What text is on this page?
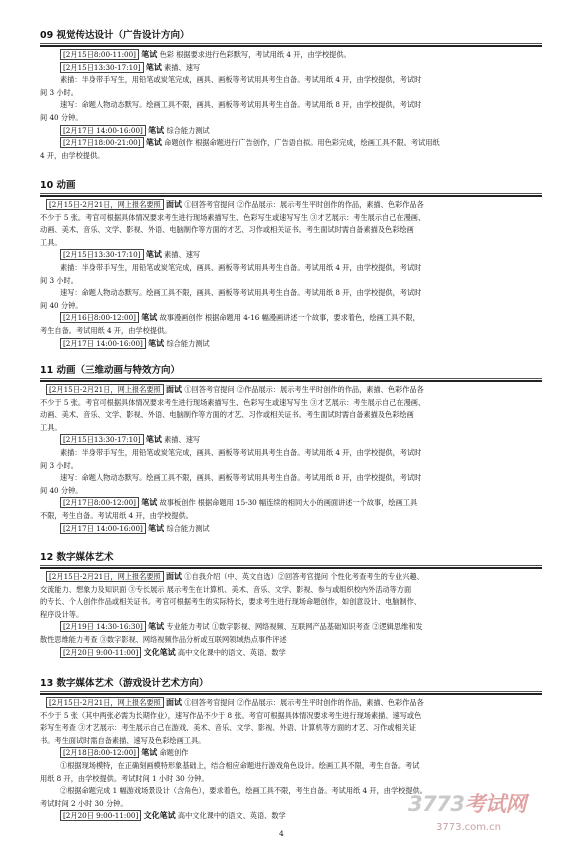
09 视觉传达设计（广告设计方向）
[2月15日8:00-11:00] 笔试 色彩 根据要求进行色彩默写，考试用纸 4 开，由学校提供。
[2月15日13:30-17:10] 笔试 素描、速写
素描：半身带手写生，用铅笔或炭笔完成，画具、画板等考试用具考生自备。考试用纸 4 开，由学校提供，考试时
间 3 小时。
速写：命题人物动态默写。绘画工具不限，画具、画板等考试用具考生自备。考试用纸 8 开，由学校提供，考试时
间 40 分钟。
[2月17日 14:00-16:00] 笔试 综合能力测试
[2月17日18:00-21:00] 笔试 命题创作 根据命题进行广告创作，广告语自拟。用色彩完成，绘画工具不限。考试用纸
4 开，由学校提供。
10 动画
[2月15日-2月21日，网上报名要照 面试 ①回答考官提问 ②作品展示：展示考生平时创作的作品，素描、色彩作品各
不少于 5 张。考官可根据具体情况要求考生进行现场素描写生、色彩写生或速写写生 ③才艺展示：考生展示自己在漫画、
动画、美术、音乐、文学、影视、外语、电脑制作等方面的才艺、习作或相关证书。考生面试时需自备素描及色彩绘画
工具。
[2月15日13:30-17:10] 笔试 素描、速写
素描：半身带手写生，用铅笔或炭笔完成，画具、画板等考试用具考生自备。考试用纸 4 开，由学校提供，考试时
间 3 小时。
速写：命题人物动态默写。绘画工具不限，画具、画板等考试用具考生自备。考试用纸 8 开，由学校提供，考试时
间 40 分钟。
[2月16日8:00-12:00] 笔试 故事漫画创作 根据命题用 4-16 幅漫画讲述一个故事，要求着色，绘画工具不限，
考生自备。考试用纸 4 开，由学校提供。
[2月17日 14:00-16:00] 笔试 综合能力测试
11 动画（三维动画与特效方向）
[2月15日-2月21日，网上报名要照 面试 ①回答考官提问 ②作品展示：展示考生平时创作的作品，素描、色彩作品各
不少于 5 张。考官可根据具体情况要求考生进行现场素描写生、色彩写生或速写写生 ③才艺展示：考生展示自己在漫画、
动画、美术、音乐、文学、影视、外语、电脑制作等方面的才艺、习作或相关证书。考生面试时需自备素描及色彩绘画
工具。
[2月15日13:30-17:10] 笔试 素描、速写
素描：半身带手写生，用铅笔或炭笔完成，画具、画板等考试用具考生自备。考试用纸 4 开，由学校提供，考试时
间 3 小时。
速写：命题人物动态默写。绘画工具不限，画具、画板等考试用具考生自备。考试用纸 8 开，由学校提供，考试时
间 40 分钟。
[2月17日8:00-12:00] 笔试 故事板创作 根据命题用 15-30 幅连续的相同大小的画面讲述一个故事，绘画工具
不限，考生自备。考试用纸 4 开，由学校提供。
[2月17日 14:00-16:00] 笔试 综合能力测试
12 数字媒体艺术
[2月15日-2月21日，网上报名要照 面试 ①自我介绍（中、英文自选）②回答考官提问 个性化考查考生的专业兴趣、
交流能力、想象力及知识面 ③专长展示 展示考生在计算机、美术、音乐、文学、影视、参与或组织校内外活动等方面
的专长、个人创作作品或相关证书。考官可根据考生的实际特长，要求考生进行现场命题创作，如创意设计、电脑制作、
程序设计等。
[2月19日 14:30-16:30] 笔试 专业能力考试 ①数字影视、网络视频、互联网产品基础知识考查 ②逻辑思维和发
散性思维能力考查 ③数字影视、网络视频作品分析或互联网领域热点事件评述
[2月20日 9:00-11:00] 文化笔试 高中文化课中的语文、英语、数学
13 数字媒体艺术（游戏设计艺术方向）
[2月15日-2月21日，网上报名要照 面试 ①回答考官提问 ②作品展示：展示考生平时创作的作品，素描、色彩作品各
不少于 5 张（其中两张必需为长期作业），速写作品不少于 8 张。考官可根据具体情况要求考生进行现场素描、速写或色
彩写生考查 ③才艺展示：考生展示自己在游戏、美术、音乐、文学、影视、外语、计算机等方面的才艺、习作或相关证
书。考生面试时需自备素描、速写及色彩绘画工具。
[2月18日8:00-12:00] 笔试 命题创作
①根据现场模特，在正确刻画模特形象基础上，结合相应命题进行游戏角色设计。绘画工具不限，考生自备。考试
用纸 8 开，由学校提供。考试时间 1 小时 30 分钟。
②根据命题完成 1 幅游戏场景设计（含角色），要求着色，绘画工具不限，考生自备。考试用纸 4 开，由学校提供。
考试时间 2 小时 30 分钟。
[2月20日 9:00-11:00] 文化笔试 高中文化课中的语文、英语、数学
4
3773考试网
3773.com.cn
